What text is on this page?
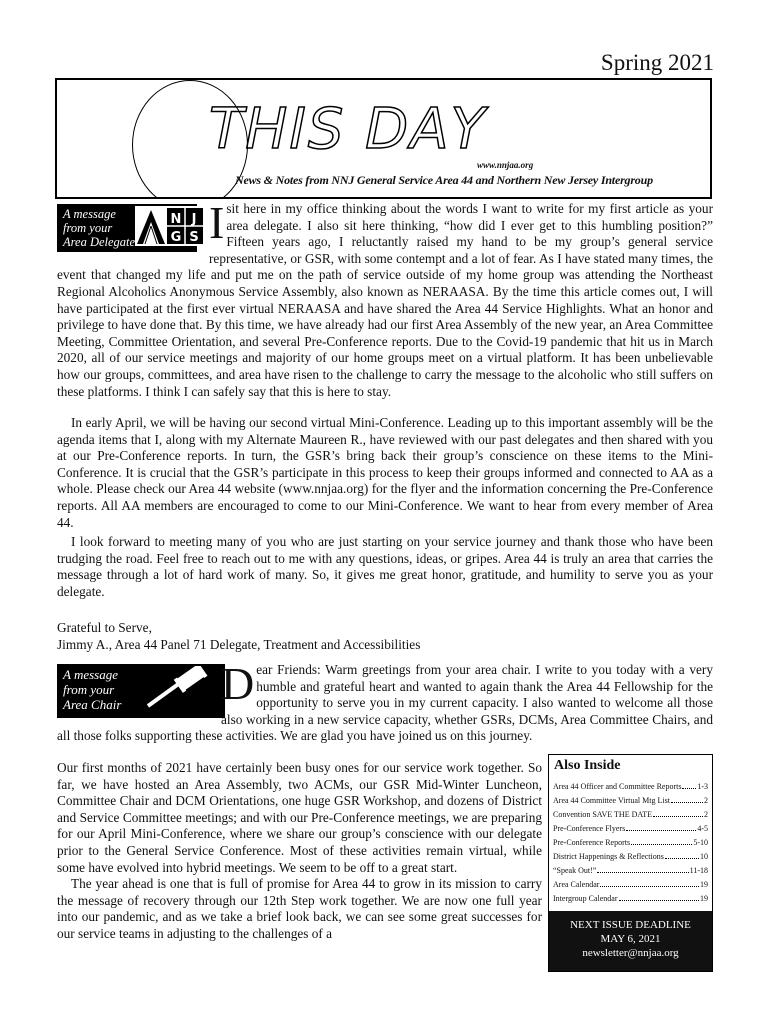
Spring 2021
THIS DAY
www.nnjaa.org
News & Notes from NNJ General Service Area 44 and Northern New Jersey Intergroup
A message
from your
Area Delegate
N J
G S I sit here in my office thinking about the words I want to write for my first article as your area delegate. I also sit here thinking, “how did I ever get to this humbling position?” Fifteen years ago, I reluctantly raised my hand to be my group’s general service representative, or GSR, with some contempt and a lot of fear. As I have stated many times, the event that changed my life and put me on the path of service outside of my home group was attending the Northeast Regional Alcoholics Anonymous Service Assembly, also known as NERAASA. By the time this article comes out, I will have participated at the first ever virtual NERAASA and have shared the Area 44 Service Highlights. What an honor and privilege to have done that. By this time, we have already had our first Area Assembly of the new year, an Area Committee Meeting, Committee Orientation, and several Pre-Conference reports. Due to the Covid-19 pandemic that hit us in March 2020, all of our service meetings and majority of our home groups meet on a virtual platform. It has been unbelievable how our groups, committees, and area have risen to the challenge to carry the message to the alcoholic who still suffers on these platforms. I think I can safely say that this is here to stay.
In early April, we will be having our second virtual Mini-Conference. Leading up to this important assembly will be the agenda items that I, along with my Alternate Maureen R., have reviewed with our past delegates and then shared with you at our Pre-Conference reports. In turn, the GSR’s bring back their group’s conscience on these items to the Mini-Conference. It is crucial that the GSR’s participate in this process to keep their groups informed and connected to AA as a whole. Please check our Area 44 website (www.nnjaa.org) for the flyer and the information concerning the Pre-Conference reports. All AA members are encouraged to come to our Mini-Conference. We want to hear from every member of Area 44.
I look forward to meeting many of you who are just starting on your service journey and thank those who have been trudging the road. Feel free to reach out to me with any questions, ideas, or gripes. Area 44 is truly an area that carries the message through a lot of hard work of many. So, it gives me great honor, gratitude, and humility to serve you as your delegate.
Grateful to Serve,
Jimmy A., Area 44 Panel 71 Delegate, Treatment and Accessibilities
A message
from your
Area Chair	Dear Friends: Warm greetings from your area chair. I write to you today with a very humble and grateful heart and wanted to again thank the Area 44 Fellowship for the opportunity to serve you in my current capacity. I also wanted to welcome all those also working in a new service capacity, whether GSRs, DCMs, Area Committee Chairs, and all those folks supporting these activities. We are glad you have joined us on this journey.
Our first months of 2021 have certainly been busy ones for our service work together. So far, we have hosted an Area Assembly, two ACMs, our GSR Mid-Winter Luncheon, Committee Chair and DCM Orientations, one huge GSR Workshop, and dozens of District and Service Committee meetings; and with our Pre-Conference meetings, we are preparing for our April Mini-Conference, where we share our group’s conscience with our delegate prior to the General Service Conference. Most of these activities remain virtual, while some have evolved into hybrid meetings. We seem to be off to a great start.
The year ahead is one that is full of promise for Area 44 to grow in its mission to carry the message of recovery through our 12th Step work together. We are now one full year into our pandemic, and as we take a brief look back, we can see some great successes for our service teams in adjusting to the challenges of a
Also Inside
Area 44 Officer and Committee Reports 1-3
Area 44 Committee Virtual Mtg List	2
Convention SAVE THE DATE	2
Pre-Conference Flyers	4-5
Pre-Conference Reports	5-10
District Happenings & Reflections	10
“Speak Out!”	11-18
Area Calendar	19
Intergroup Calendar	19
NEXT ISSUE DEADLINE
MAY 6, 2021
newsletter@nnjaa.org
